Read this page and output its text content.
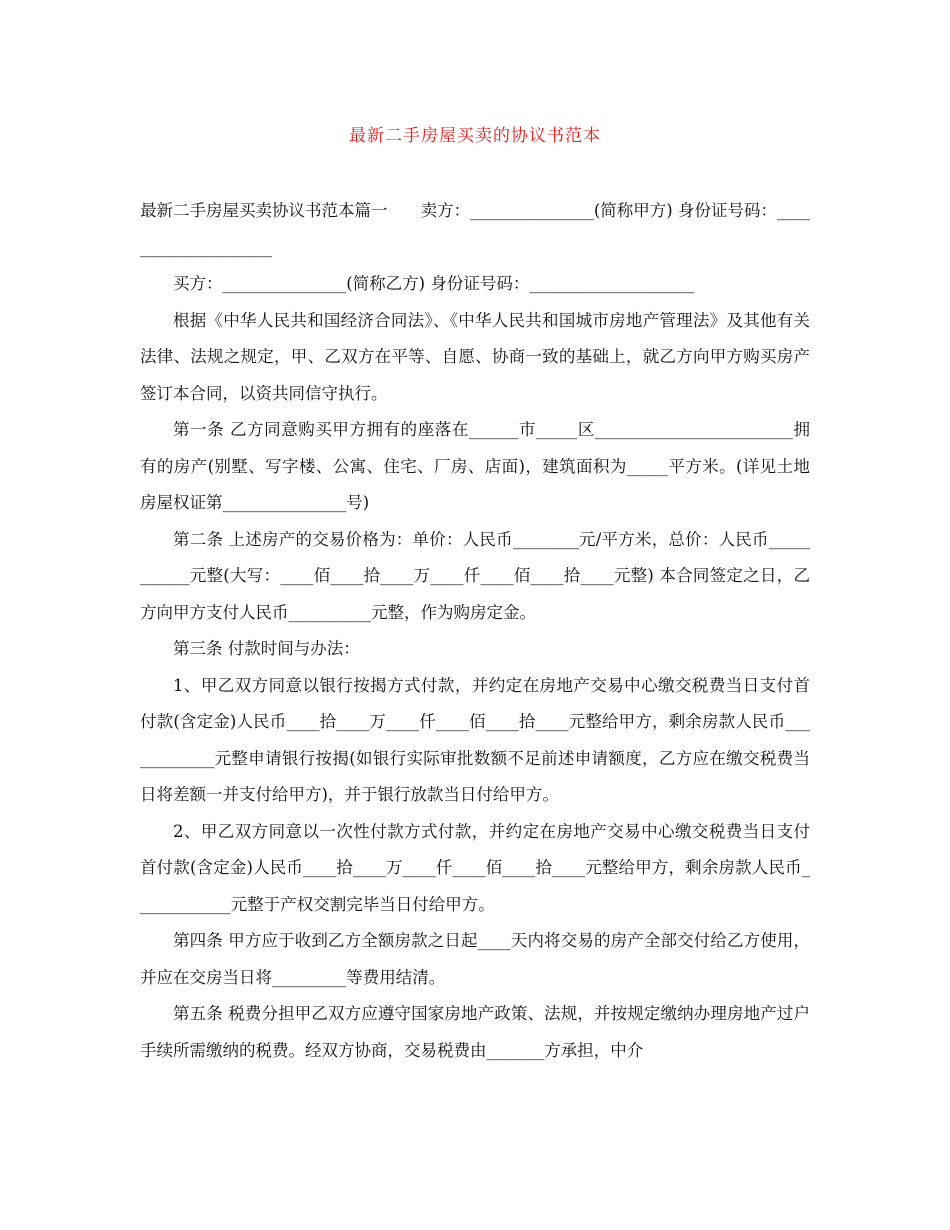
最新二手房屋买卖的协议书范本

最新二手房屋买卖协议书范本篇一　　卖方：_______________(简称甲方) 身份证号码：____________________

买方：_______________(简称乙方) 身份证号码：____________________

根据《中华人民共和国经济合同法》、《中华人民共和国城市房地产管理法》及其他有关法律、法规之规定，甲、乙双方在平等、自愿、协商一致的基础上，就乙方向甲方购买房产签订本合同，以资共同信守执行。

第一条 乙方同意购买甲方拥有的座落在______市_____区________________________拥有的房产(别墅、写字楼、公寓、住宅、厂房、店面)，建筑面积为_____平方米。(详见土地房屋权证第_______________号)

第二条 上述房产的交易价格为：单价：人民币________元/平方米，总价：人民币___________元整(大写：____佰____拾____万____仟____佰____拾____元整) 本合同签定之日，乙方向甲方支付人民币__________元整，作为购房定金。

第三条 付款时间与办法：

1、甲乙双方同意以银行按揭方式付款，并约定在房地产交易中心缴交税费当日支付首付款(含定金)人民币____拾____万____仟____佰____拾____元整给甲方，剩余房款人民币____________元整申请银行按揭(如银行实际审批数额不足前述申请额度，乙方应在缴交税费当日将差额一并支付给甲方)，并于银行放款当日付给甲方。

2、甲乙双方同意以一次性付款方式付款，并约定在房地产交易中心缴交税费当日支付首付款(含定金)人民币____拾____万____仟____佰____拾____元整给甲方，剩余房款人民币____________元整于产权交割完毕当日付给甲方。

第四条 甲方应于收到乙方全额房款之日起____天内将交易的房产全部交付给乙方使用，并应在交房当日将_________等费用结清。

第五条 税费分担甲乙双方应遵守国家房地产政策、法规，并按规定缴纳办理房地产过户手续所需缴纳的税费。经双方协商，交易税费由_______方承担，中介
